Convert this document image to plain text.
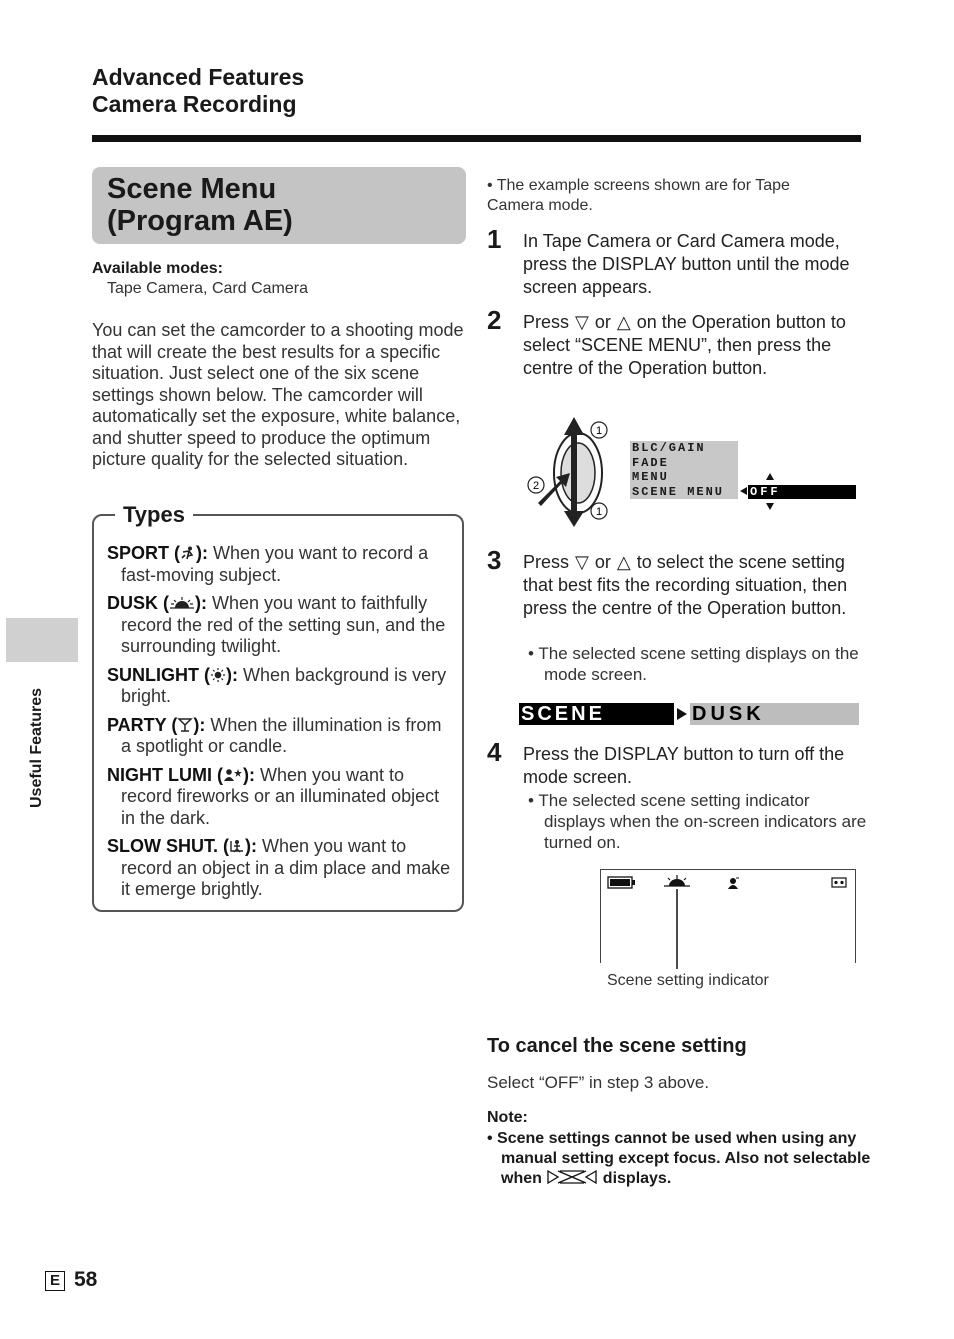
Advanced Features
Camera Recording
Scene Menu
(Program AE)
Available modes:
Tape Camera, Card Camera
You can set the camcorder to a shooting mode that will create the best results for a specific situation. Just select one of the six scene settings shown below. The camcorder will automatically set the exposure, white balance, and shutter speed to produce the optimum picture quality for the selected situation.
Types

SPORT ( ): When you want to record a fast-moving subject.

DUSK ( ): When you want to faithfully record the red of the setting sun, and the surrounding twilight.

SUNLIGHT ( ): When background is very bright.

PARTY ( ): When the illumination is from a spotlight or candle.

NIGHT LUMI ( ): When you want to record fireworks or an illuminated object in the dark.

SLOW SHUT. ( ): When you want to record an object in a dim place and make it emerge brightly.

Useful Features
• The example screens shown are for Tape Camera mode.
1 In Tape Camera or Card Camera mode, press the DISPLAY button until the mode screen appears.
2 Press ▽ or △ on the Operation button to select “SCENE MENU”, then press the centre of the Operation button.
1
1
2
BLC/GAIN
FADE
MENU
SCENE MENU	OFF
3 Press ▽ or △ to select the scene setting that best fits the recording situation, then press the centre of the Operation button.
• The selected scene setting displays on the mode screen.
SCENE MENU
DUSK
4 Press the DISPLAY button to turn off the mode screen.
• The selected scene setting indicator displays when the on-screen indicators are turned on.
Scene setting indicator
To cancel the scene setting
Select “OFF” in step 3 above.
Note:
• Scene settings cannot be used when using any manual setting except focus. Also not selectable when	displays.
E 58
